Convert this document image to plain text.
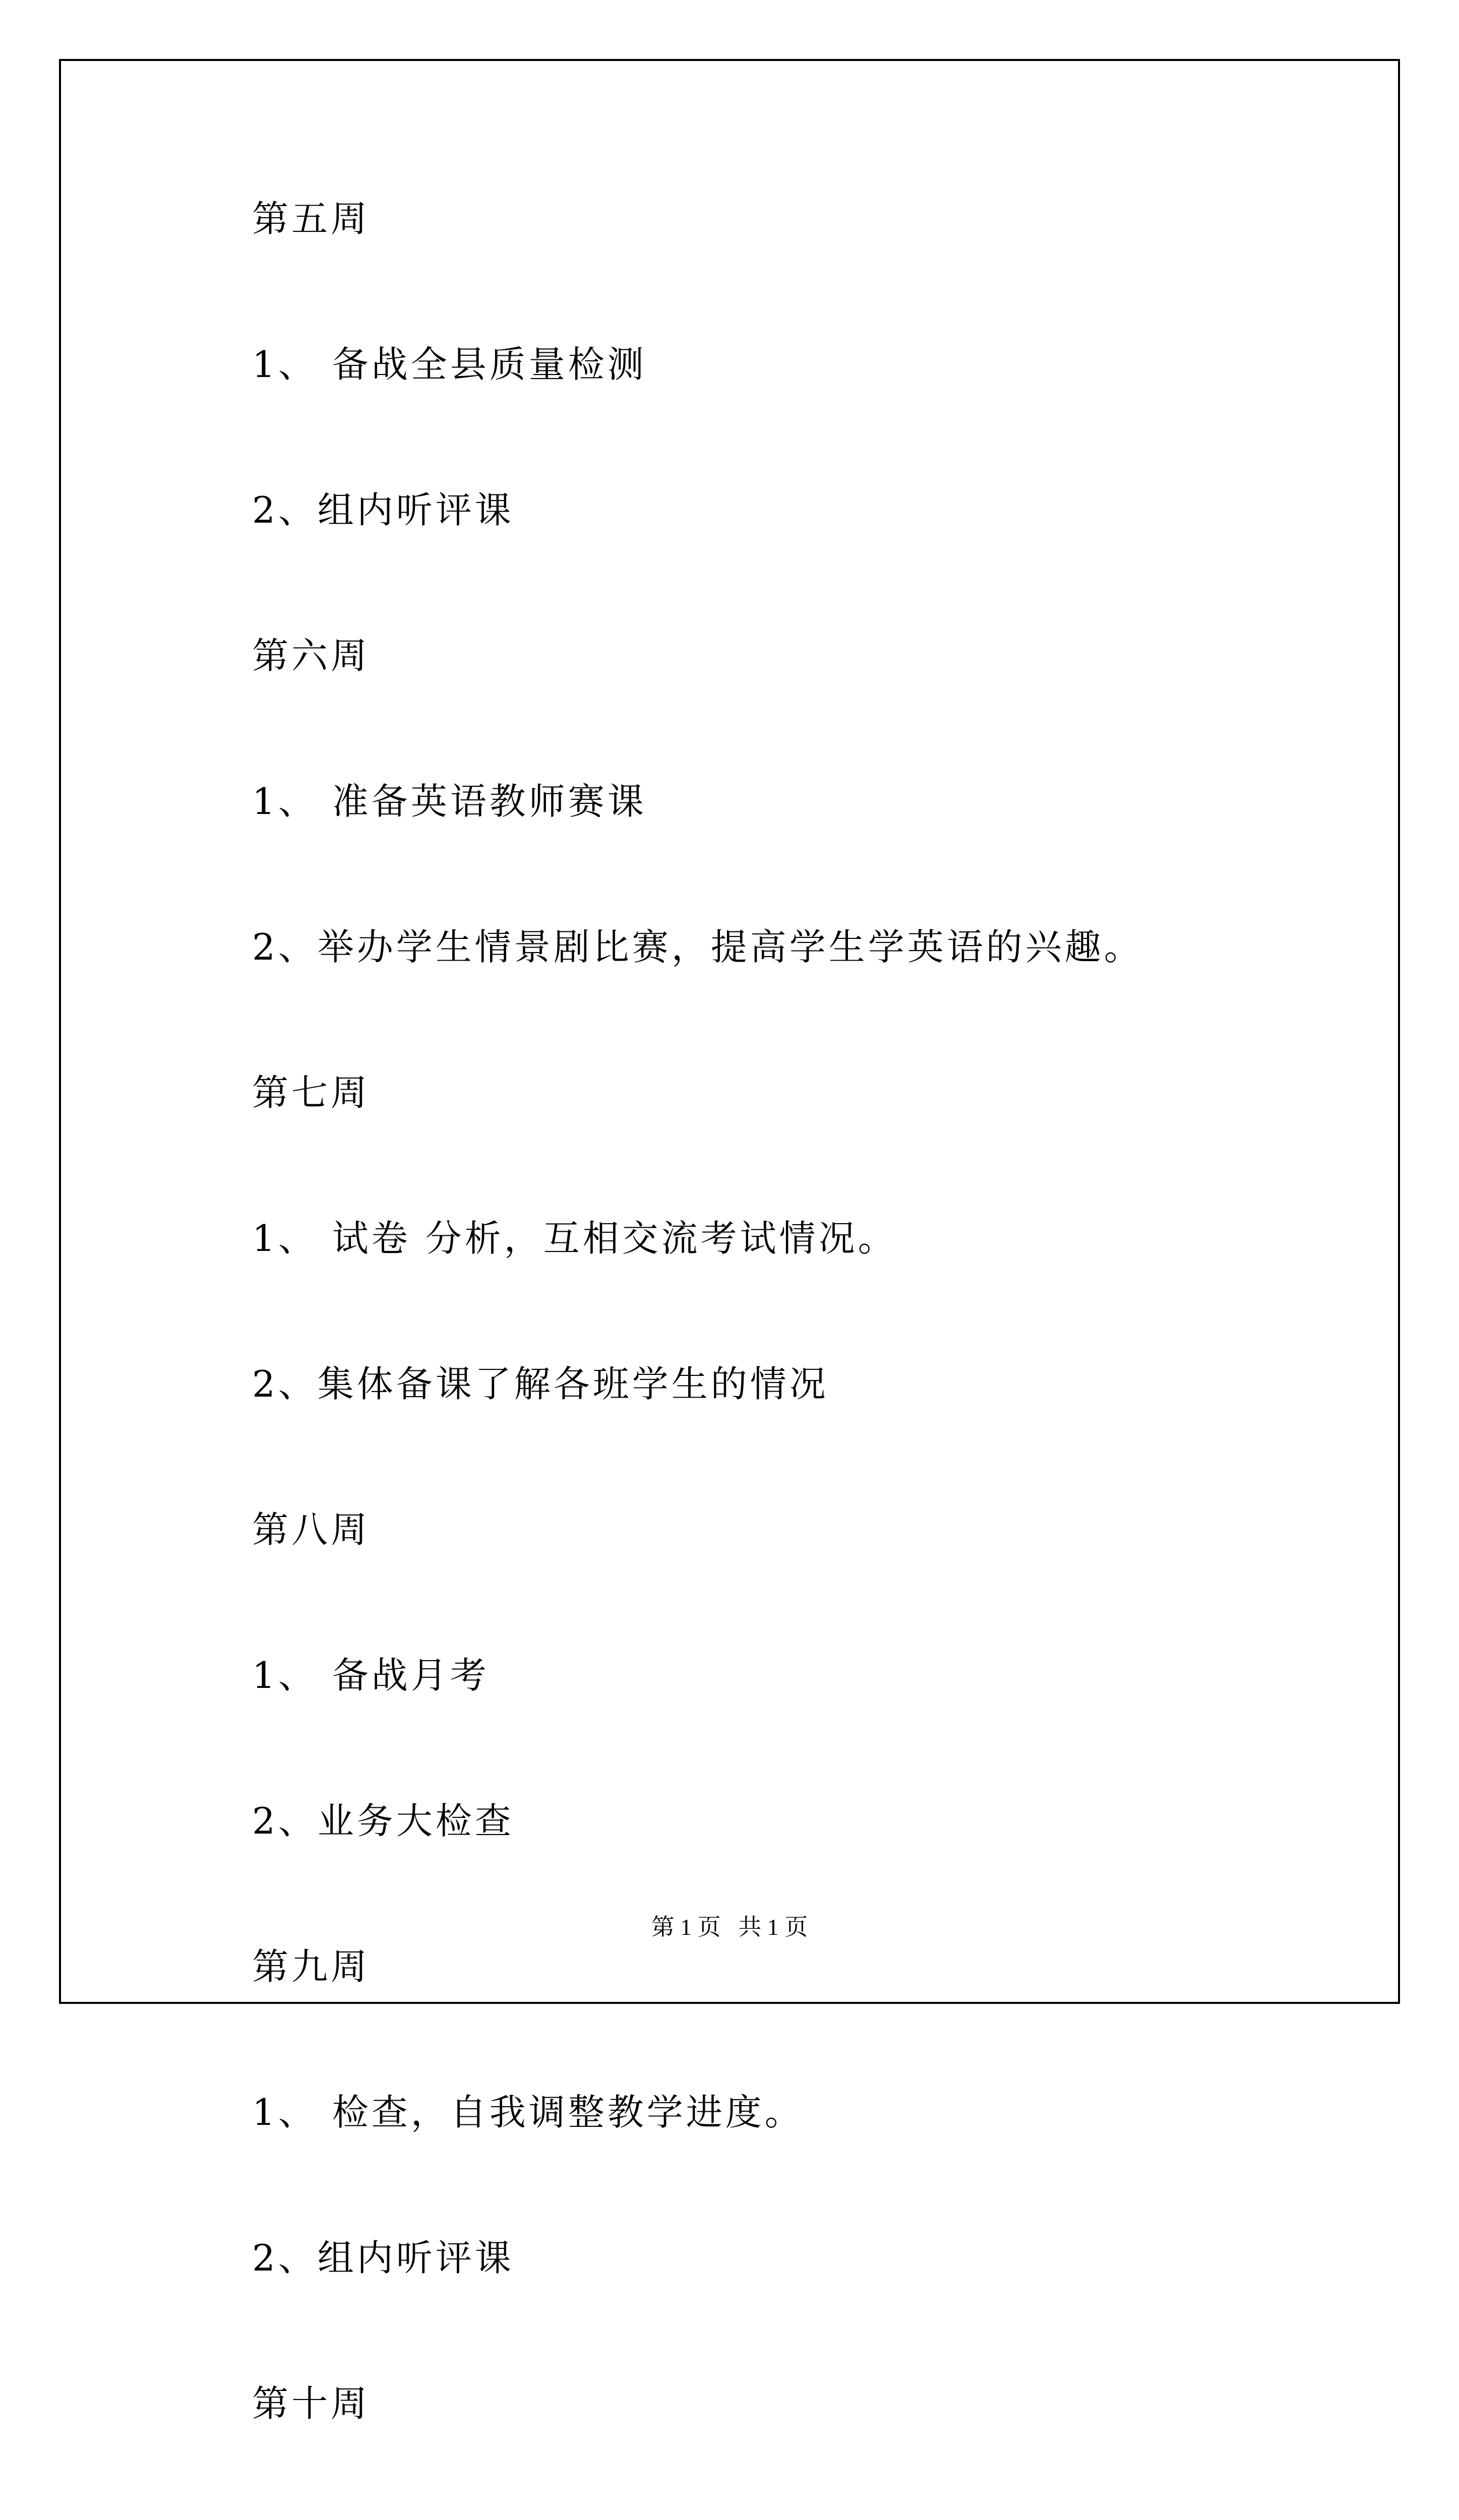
第五周
1、 备战全县质量检测
2、组内听评课
第六周
1、 准备英语教师赛课
2、举办学生情景剧比赛，提高学生学英语的兴趣。
第七周
1、 试卷 分析，互相交流考试情况。
2、集体备课了解各班学生的情况
第八周
1、 备战月考
2、业务大检查
第九周
1、 检查，自我调整教学进度。
2、组内听评课
第十周
第 1 页   共 1 页
